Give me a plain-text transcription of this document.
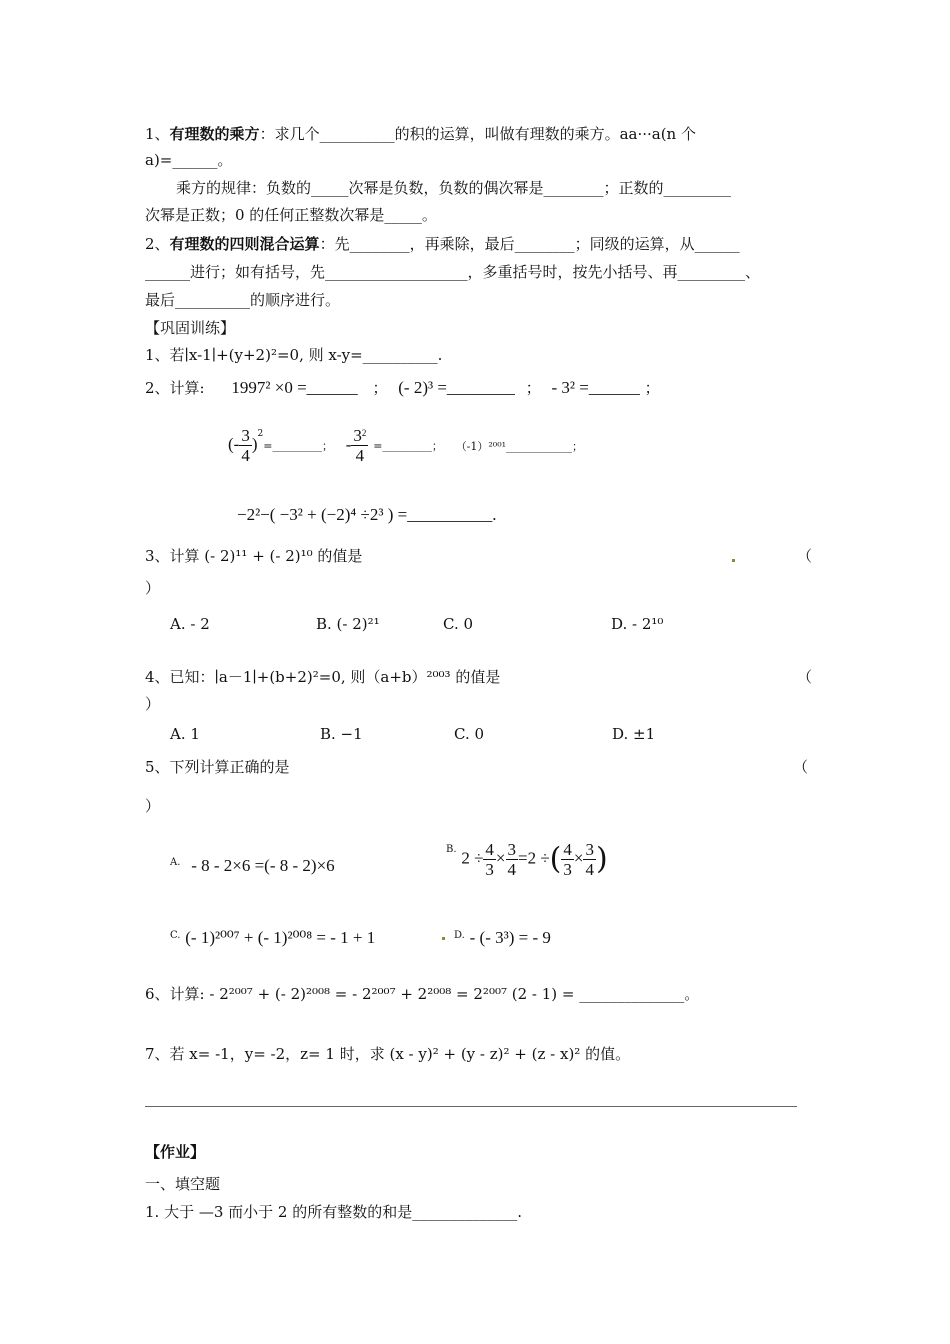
1、有理数的乘方：求几个__________的积的运算，叫做有理数的乘方。aa···a(n 个
a)=______。
乘方的规律：负数的_____次幂是负数，负数的偶次幂是________；正数的_________
次幂是正数；0 的任何正整数次幂是_____。
2、有理数的四则混合运算：先________，再乘除，最后________；同级的运算，从______
______进行；如有括号，先___________________，多重括号时，按先小括号、再_________、
最后__________的顺序进行。
【巩固训练】
1、若∣x-1∣+(y+2)²=0, 则 x-y=__________.
2、计算: 1997² ×0 =______ ； (- 2)³ =________ ； - 3² =______ ；
(- $\frac{3}{4}$ )$^2$=_________； - $\frac{3^2}{4}$ =_________； （-1）²⁰⁰¹____________；
−2²−( −3² + (−2)⁴ ÷2³ ) =__________.
3、计算 (- 2)¹¹ + (- 2)¹⁰ 的值是	（
）
A. - 2	B. (- 2)²¹	C. 0	D. - 2¹⁰
4、已知：∣a－1∣+(b+2)²=0, 则（a+b）²⁰⁰³ 的值是	（
）
A. 1	B. −1	C. 0	D. ±1
5、下列计算正确的是	（
）
A. - 8 - 2×6 =(- 8 - 2)×6
$^{B.}$ $2 \div \frac{4}{3} \times \frac{3}{4} =2$ ÷( $\frac{4}{3} \times \frac{3}{4}$ )
$^{C.}$ (- 1)²⁰⁰⁷ + (- 1)²⁰⁰⁸ = - 1 + 1	$^{D.}$ - (- 3³) = - 9
6、计算: - 2²⁰⁰⁷ + (- 2)²⁰⁰⁸ = - 2²⁰⁰⁷ + 2²⁰⁰⁸ = 2²⁰⁰⁷ (2 - 1) = ______________。
7、若 x= -1，y= -2，z= 1 时，求 (x - y)² + (y - z)² + (z - x)² 的值。
【作业】
一、填空题
1. 大于 —3 而小于 2 的所有整数的和是______________.
